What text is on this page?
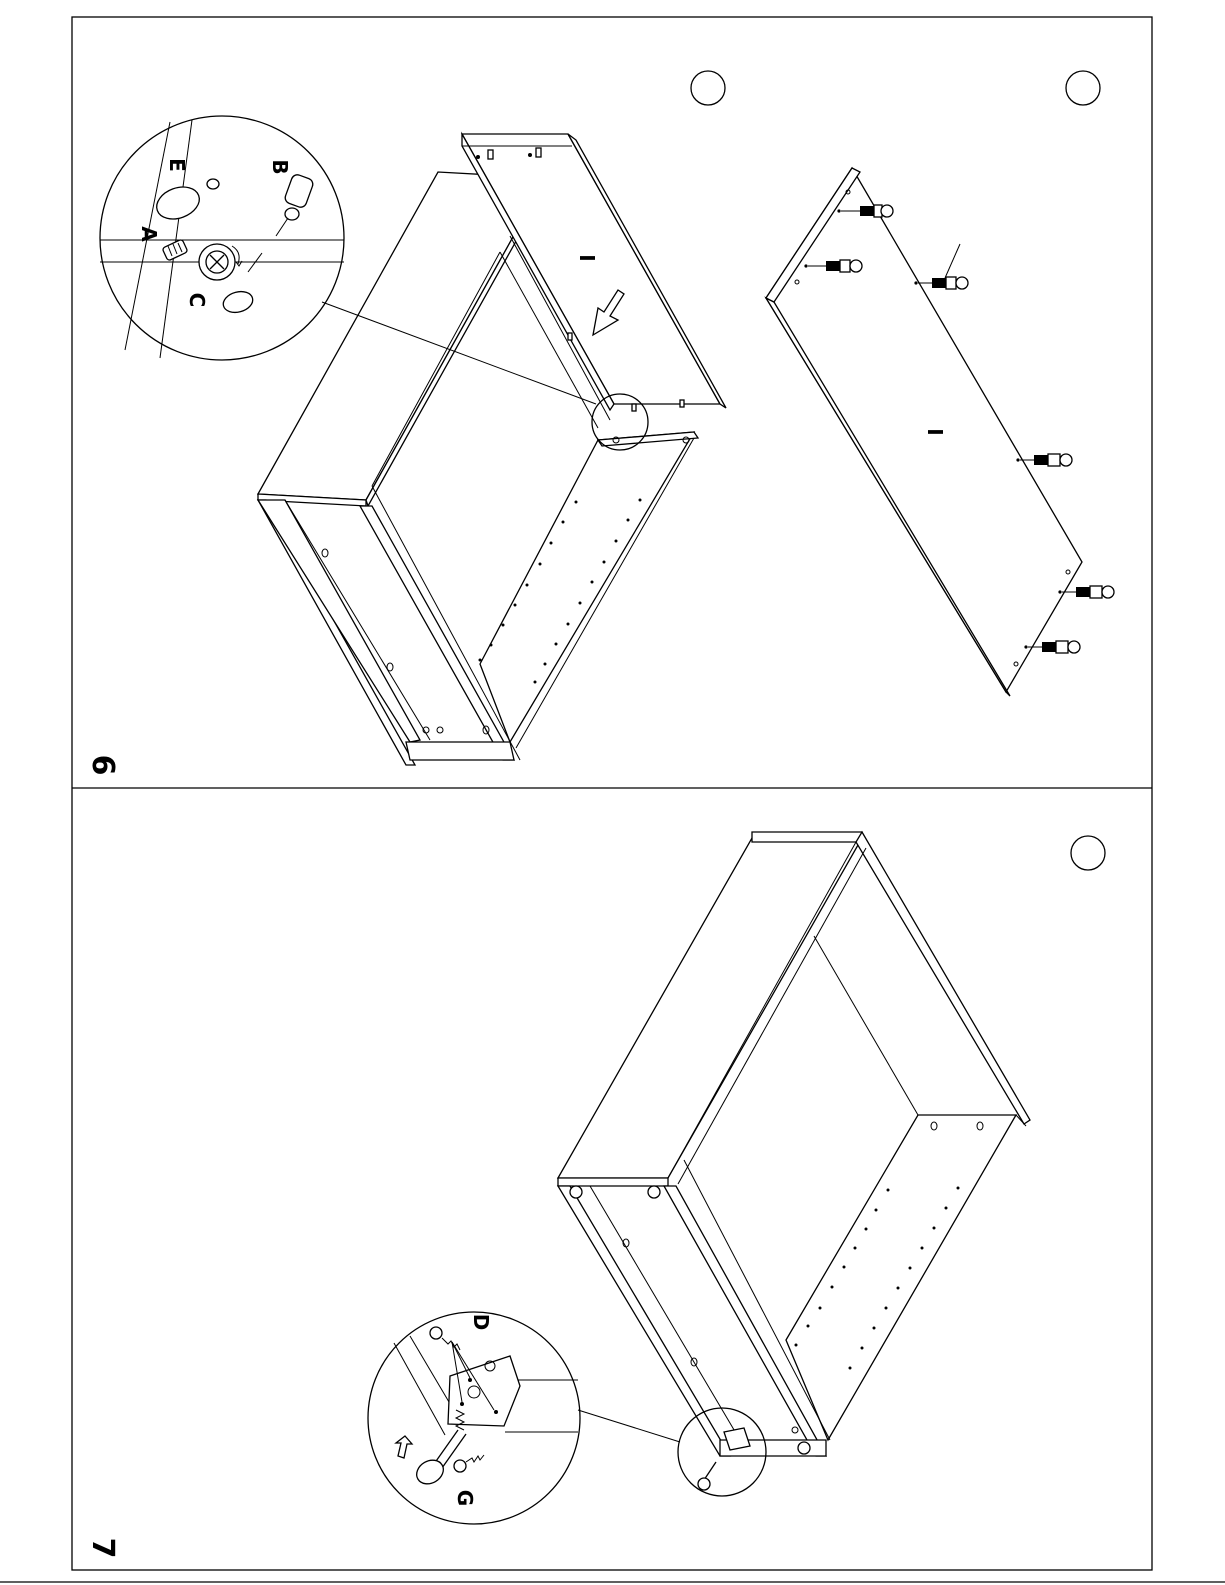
6
I
E	B
A
C
I
7
D
G
